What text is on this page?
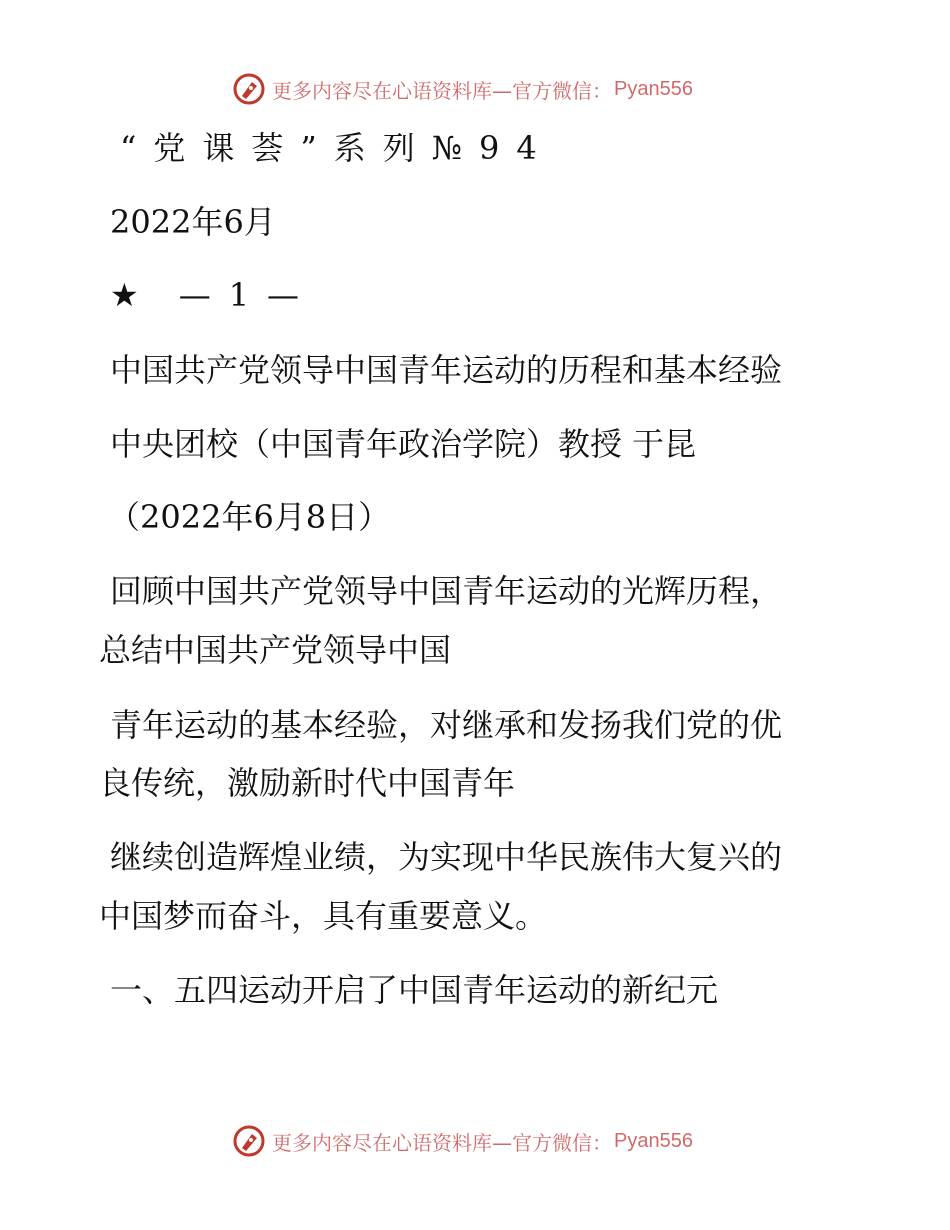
更多内容尽在心语资料库—官方微信： Pyan556
“党课荟”系列№94
2022年6月
★ —1—
中国共产党领导中国青年运动的历程和基本经验
中央团校（中国青年政治学院）教授 于昆
（2022年6月8日）
回顾中国共产党领导中国青年运动的光辉历程，
总结中国共产党领导中国
青年运动的基本经验，对继承和发扬我们党的优
良传统，激励新时代中国青年
继续创造辉煌业绩，为实现中华民族伟大复兴的
中国梦而奋斗，具有重要意义。
一、五四运动开启了中国青年运动的新纪元
更多内容尽在心语资料库—官方微信： Pyan556
